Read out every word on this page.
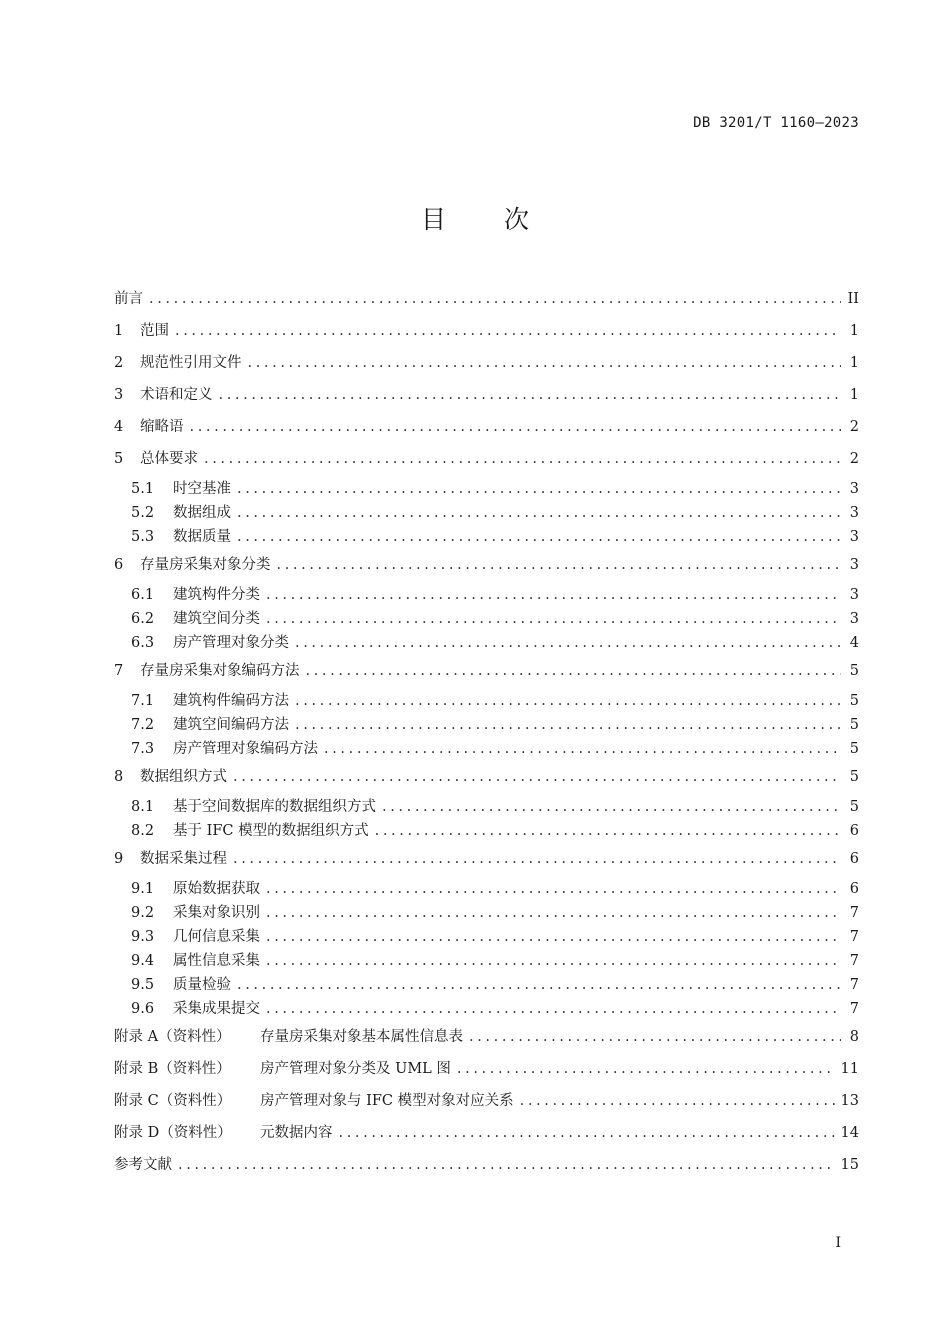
DB 3201/T 1160—2023
目次
前言 .....	II
1	范围 .....	1
2	规范性引用文件 .....	1
3	术语和定义 .....	1
4	缩略语 .....	2
5	总体要求 .....	2
5.1	时空基准 .....	3
5.2	数据组成 .....	3
5.3	数据质量 .....	3
6	存量房采集对象分类 .....	3
6.1	建筑构件分类 .....	3
6.2	建筑空间分类 .....	3
6.3	房产管理对象分类 .....	4
7	存量房采集对象编码方法 .....	5
7.1	建筑构件编码方法 .....	5
7.2	建筑空间编码方法 .....	5
7.3	房产管理对象编码方法 .....	5
8	数据组织方式 .....	5
8.1	基于空间数据库的数据组织方式 .....	5
8.2	基于 IFC 模型的数据组织方式 .....	6
9	数据采集过程 .....	6
9.1	原始数据获取 .....	6
9.2	采集对象识别 .....	7
9.3	几何信息采集 .....	7
9.4	属性信息采集 .....	7
9.5	质量检验 .....	7
9.6	采集成果提交 .....	7
附录 A（资料性）	存量房采集对象基本属性信息表 .....	8
附录 B（资料性）	房产管理对象分类及 UML 图 .....	11
附录 C（资料性）	房产管理对象与 IFC 模型对象对应关系 .....	13
附录 D（资料性）	元数据内容 .....	14
参考文献 .....	15
I
